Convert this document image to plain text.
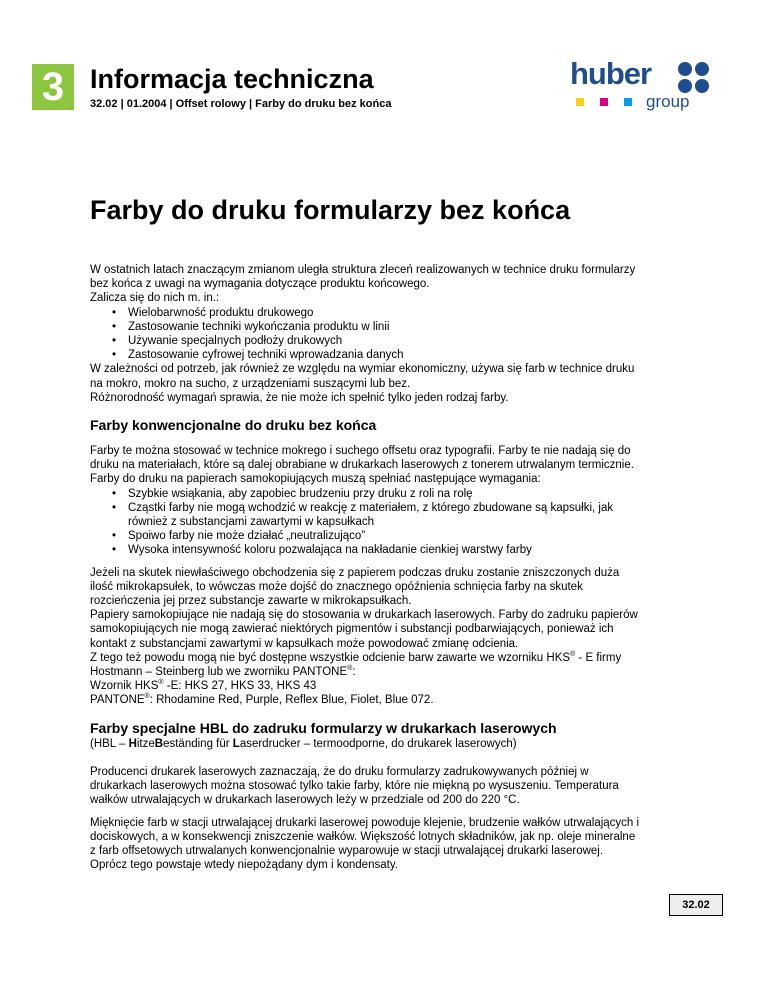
3 Informacja techniczna
32.02 | 01.2004 | Offset rolowy | Farby do druku bez końca
huber
group
Farby do druku formularzy bez końca

W ostatnich latach znaczącym zmianom uległa struktura zleceń realizowanych w technice druku formularzy

bez końca z uwagi na wymagania dotyczące produktu końcowego.

Zalicza się do nich m. in.:

• Wielobarwność produktu drukowego
• Zastosowanie techniki wykończania produktu w linii
• Używanie specjalnych podłoży drukowych
• Zastosowanie cyfrowej techniki wprowadzania danych

W zależności od potrzeb, jak również ze względu na wymiar ekonomiczny, używa się farb w technice druku

na mokro, mokro na sucho, z urządzeniami suszącymi lub bez.

Różnorodność wymagań sprawia, że nie może ich spełnić tylko jeden rodzaj farby.

Farby konwencjonalne do druku bez końca

Farby te można stosować w technice mokrego i suchego offsetu oraz typografii. Farby te nie nadają się do

druku na materiałach, które są dalej obrabiane w drukarkach laserowych z tonerem utrwalanym termicznie.

Farby do druku na papierach samokopiujących muszą spełniać następujące wymagania:

• Szybkie wsiąkania, aby zapobiec brudzeniu przy druku z roli na rolę
• Cząstki farby nie mogą wchodzić w reakcję z materiałem, z którego zbudowane są kapsułki, jak
również z substancjami zawartymi w kapsułkach
• Spoiwo farby nie może działać „neutralizująco”
• Wysoka intensywność koloru pozwalająca na nakładanie cienkiej warstwy farby

Jeżeli na skutek niewłaściwego obchodzenia się z papierem podczas druku zostanie zniszczonych duża

ilość mikrokapsułek, to wówczas może dojść do znacznego opóźnienia schnięcia farby na skutek

rozcieńczenia jej przez substancje zawarte w mikrokapsułkach.

Papiery samokopiujące nie nadają się do stosowania w drukarkach laserowych. Farby do zadruku papierów

samokopiujących nie mogą zawierać niektórych pigmentów i substancji podbarwiających, ponieważ ich

kontakt z substancjami zawartymi w kapsułkach może powodować zmianę odcienia.

Z tego też powodu mogą nie być dostępne wszystkie odcienie barw zawarte we wzorniku HKS® - E firmy

Hostmann – Steinberg lub we zworniku PANTONE®:

Wzornik HKS® -E: HKS 27, HKS 33, HKS 43

PANTONE®: Rhodamine Red, Purple, Reflex Blue, Fiolet, Blue 072.

Farby specjalne HBL do zadruku formularzy w drukarkach laserowych

(HBL – HitzeBeständing für Laserdrucker – termoodporne, do drukarek laserowych)

Producenci drukarek laserowych zaznaczają, że do druku formularzy zadrukowywanych później w

drukarkach laserowych można stosować tylko takie farby, które nie miękną po wysuszeniu. Temperatura

wałków utrwalających w drukarkach laserowych leży w przedziale od 200 do 220 °C.

Mięknięcie farb w stacji utrwalającej drukarki laserowej powoduje klejenie, brudzenie wałków utrwalających i

dociskowych, a w konsekwencji zniszczenie wałków. Większość lotnych składników, jak np. oleje mineralne

z farb offsetowych utrwalanych konwencjonalnie wyparowuje w stacji utrwalającej drukarki laserowej.

Oprócz tego powstaje wtedy niepożądany dym i kondensaty.

32.02
